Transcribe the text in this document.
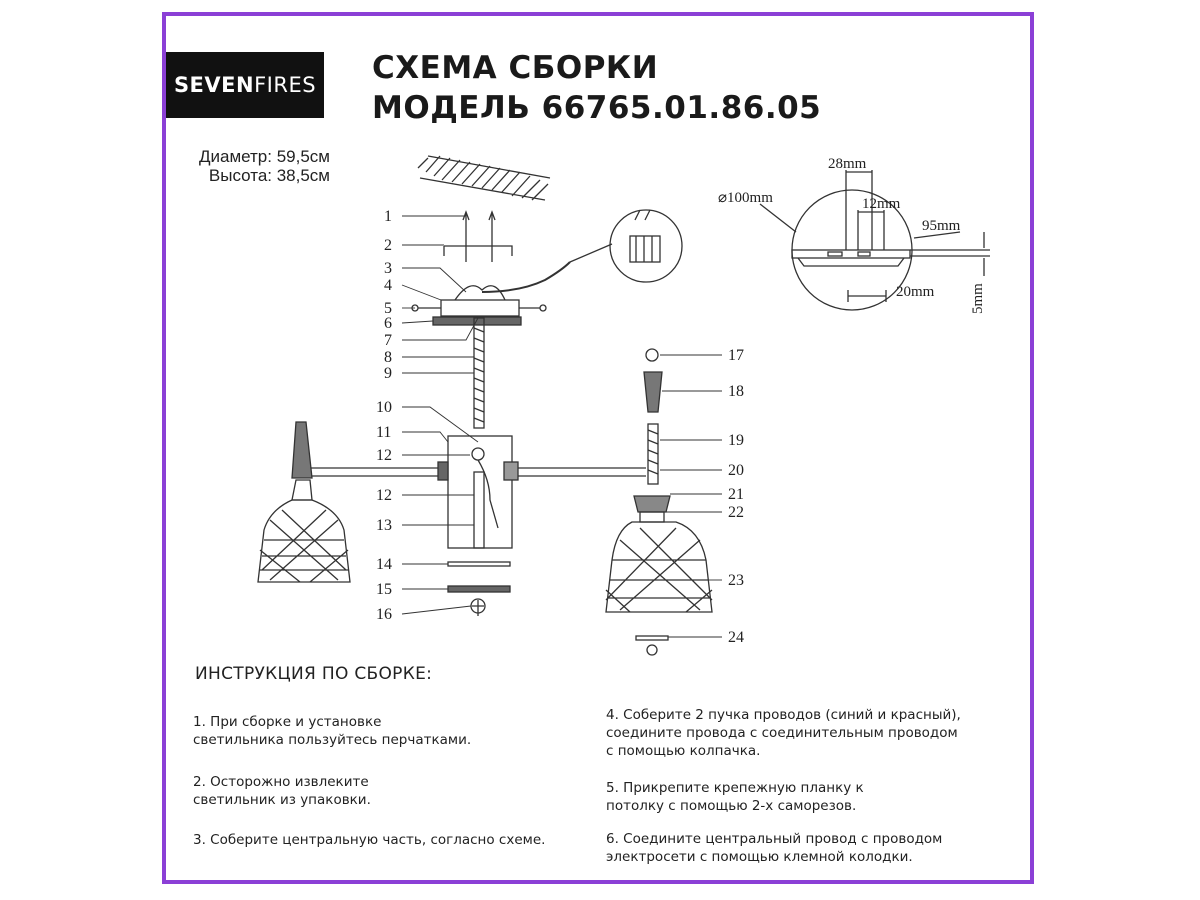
SEVEN FIRES СХЕМА СБОРКИ
МОДЕЛЬ 66765.01.86.05
Диаметр: 59,5см
Высота: 38,5см
1
2
3
4
5
6
7
8
9
10
11
12
12
13
14
15
16
17
18
19
20
21
22
23
24
⌀100mm
28mm
12mm
95mm
20mm 5mm
ИНСТРУКЦИЯ ПО СБОРКЕ:
1. При сборке и установке
светильника пользуйтесь перчатками.
2. Осторожно извлеките
светильник из упаковки.
3. Соберите центральную часть, согласно схеме.
4. Соберите 2 пучка проводов (синий и красный),
соедините провода с соединительным проводом
с помощью колпачка.
5. Прикрепите крепежную планку к
потолку с помощью 2-х саморезов.
6. Соедините центральный провод с проводом
электросети с помощью клемной колодки.
